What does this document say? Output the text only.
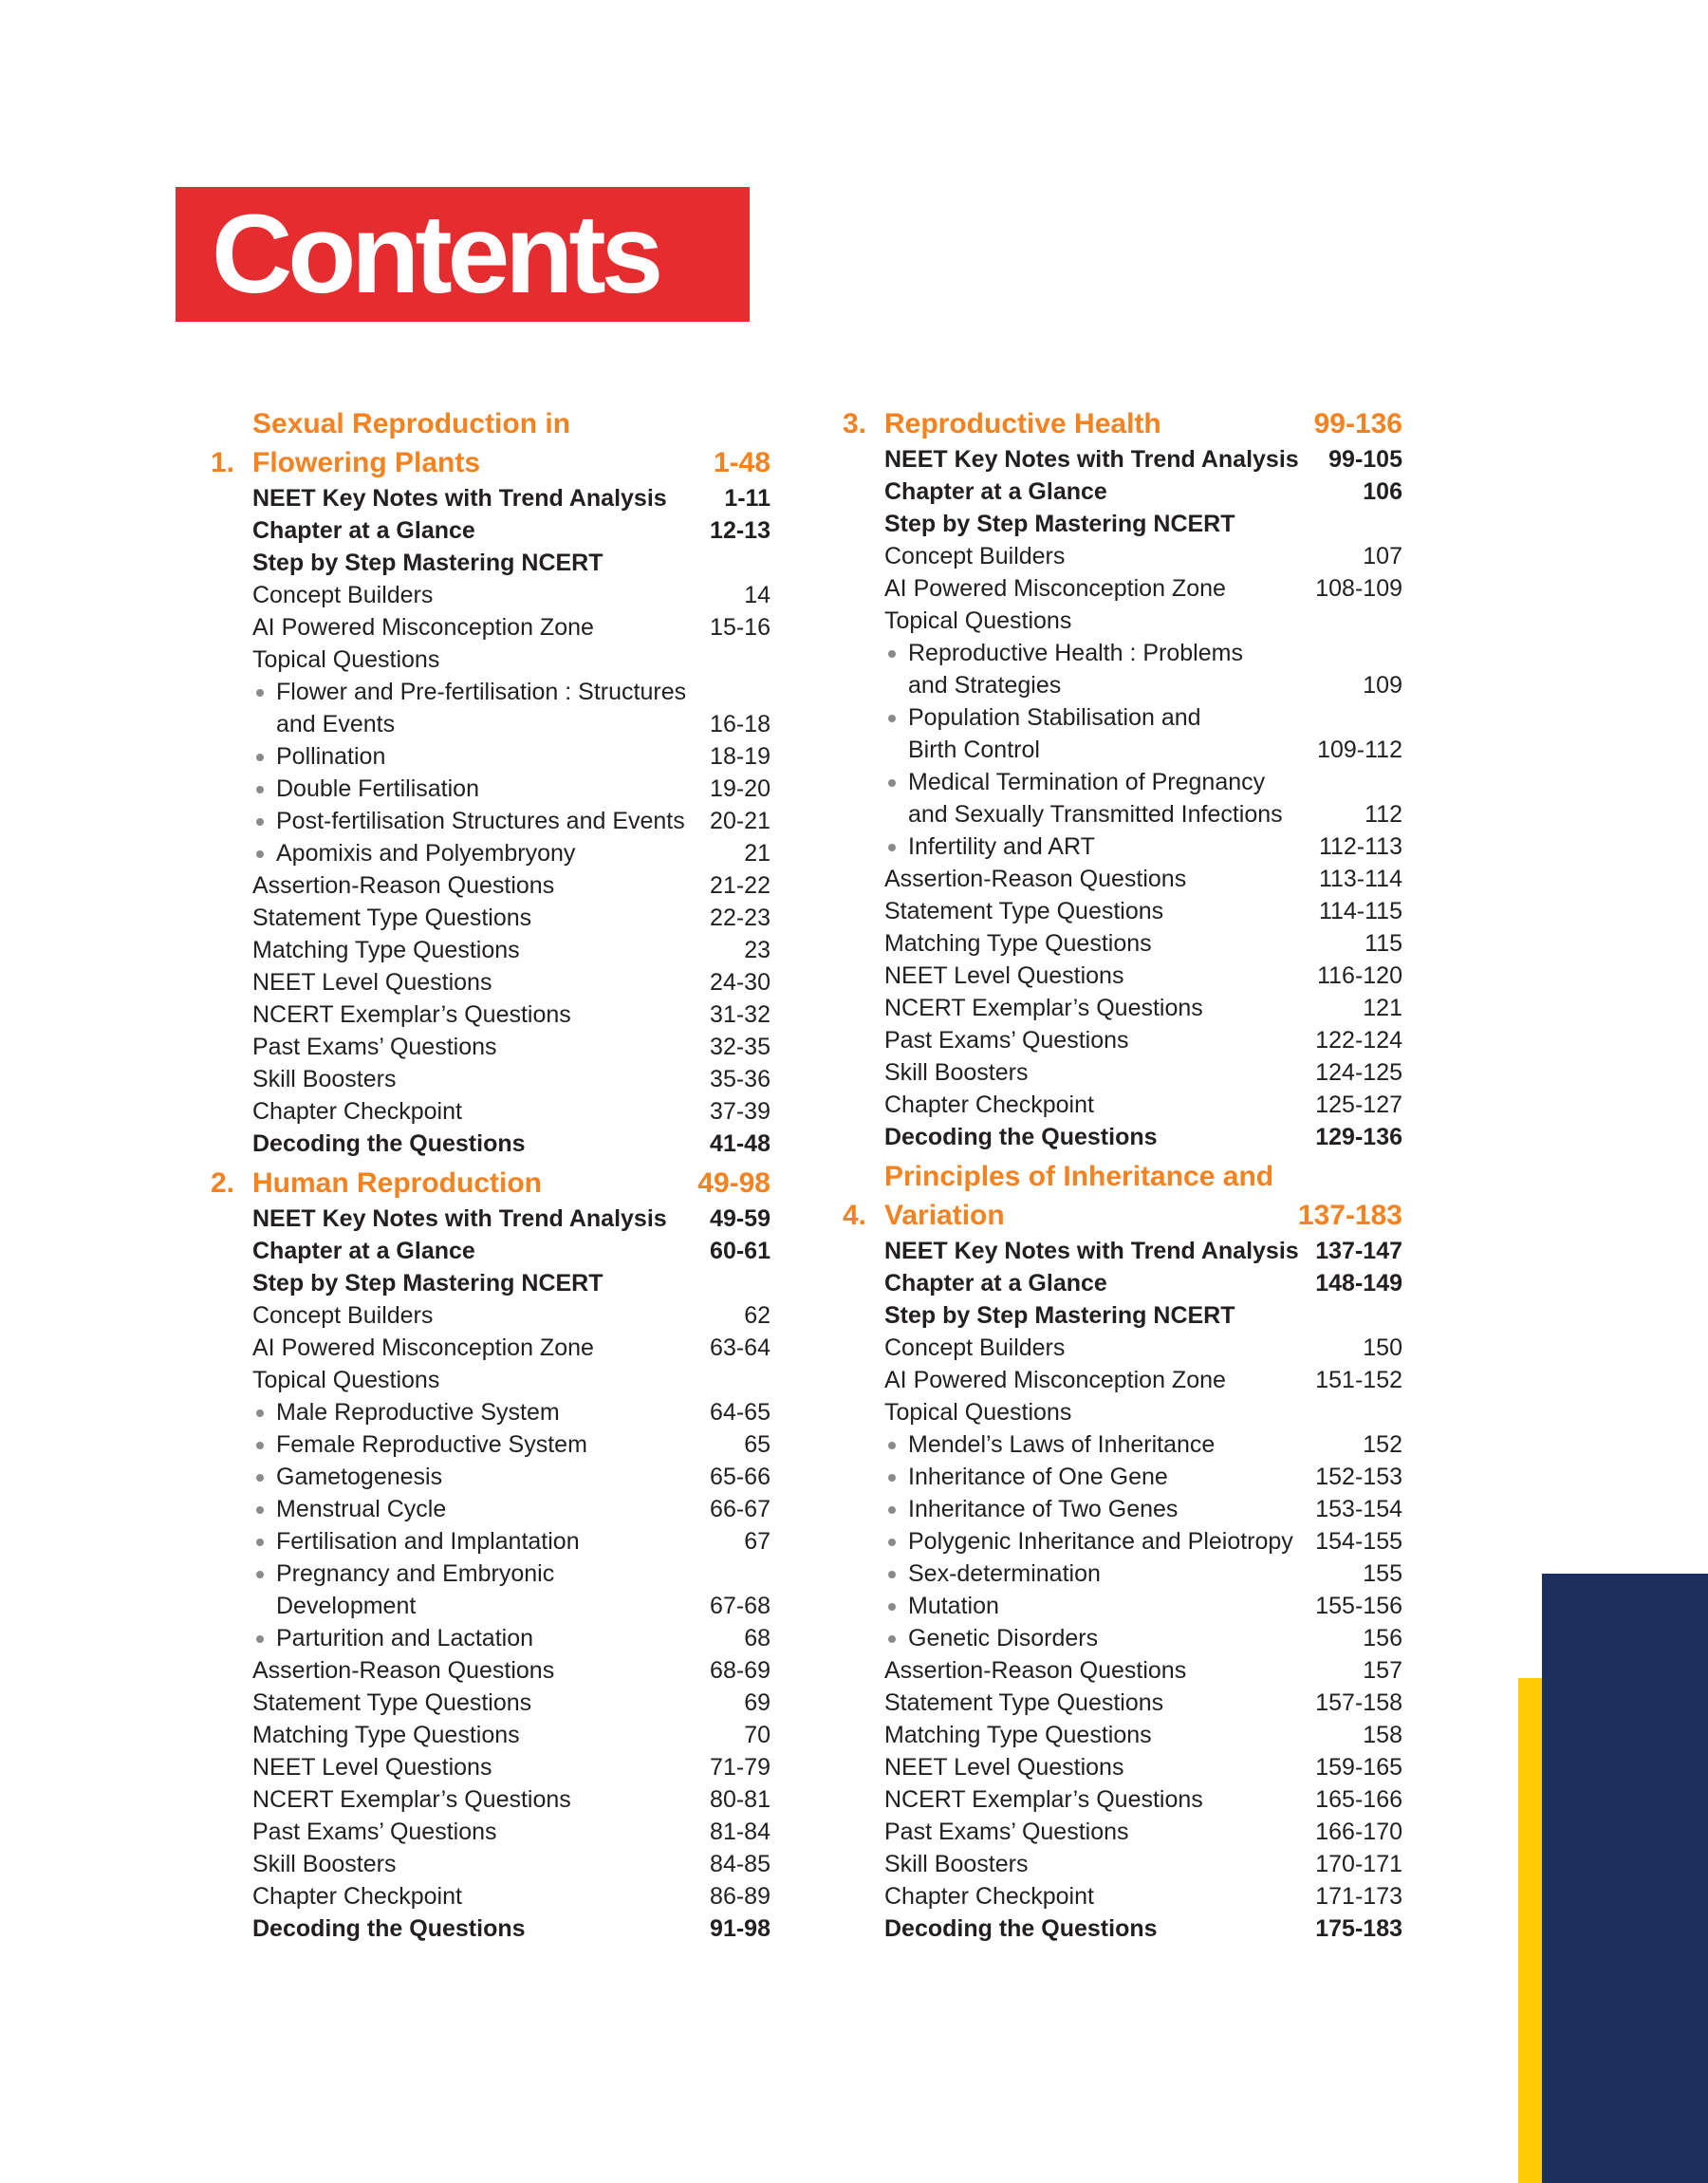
Contents
1.
Sexual Reproduction in
Flowering Plants	1-48
NEET Key Notes with Trend Analysis	1-11
Chapter at a Glance	12-13
Step by Step Mastering NCERT
Concept Builders	14
AI Powered Misconception Zone	15-16
Topical Questions
Flower and Pre-fertilisation : Structures
and Events	16-18
Pollination	18-19
Double Fertilisation	19-20
Post-fertilisation Structures and Events	20-21
Apomixis and Polyembryony	21
Assertion-Reason Questions	21-22
Statement Type Questions	22-23
Matching Type Questions	23
NEET Level Questions	24-30
NCERT Exemplar’s Questions	31-32
Past Exams’ Questions	32-35
Skill Boosters	35-36
Chapter Checkpoint	37-39
Decoding the Questions	41-48
2. Human Reproduction	49-98
NEET Key Notes with Trend Analysis	49-59
Chapter at a Glance	60-61
Step by Step Mastering NCERT
Concept Builders	62
AI Powered Misconception Zone	63-64
Topical Questions
Male Reproductive System	64-65
Female Reproductive System	65
Gametogenesis	65-66
Menstrual Cycle	66-67
Fertilisation and Implantation	67
Pregnancy and Embryonic
Development	67-68
Parturition and Lactation	68
Assertion-Reason Questions	68-69
Statement Type Questions	69
Matching Type Questions	70
NEET Level Questions	71-79
NCERT Exemplar’s Questions	80-81
Past Exams’ Questions	81-84
Skill Boosters	84-85
Chapter Checkpoint	86-89
Decoding the Questions	91-98
3. Reproductive Health	99-136
NEET Key Notes with Trend Analysis	99-105
Chapter at a Glance	106
Step by Step Mastering NCERT
Concept Builders	107
AI Powered Misconception Zone	108-109
Topical Questions
Reproductive Health : Problems
and Strategies	109
Population Stabilisation and
Birth Control	109-112
Medical Termination of Pregnancy
and Sexually Transmitted Infections	112
Infertility and ART	112-113
Assertion-Reason Questions	113-114
Statement Type Questions	114-115
Matching Type Questions	115
NEET Level Questions	116-120
NCERT Exemplar’s Questions	121
Past Exams’ Questions	122-124
Skill Boosters	124-125
Chapter Checkpoint	125-127
Decoding the Questions	129-136
4.
Principles of Inheritance and
Variation	137-183
NEET Key Notes with Trend Analysis 137-147
Chapter at a Glance	148-149
Step by Step Mastering NCERT
Concept Builders	150
AI Powered Misconception Zone	151-152
Topical Questions
Mendel’s Laws of Inheritance	152
Inheritance of One Gene	152-153
Inheritance of Two Genes	153-154
Polygenic Inheritance and Pleiotropy 154-155
Sex-determination	155
Mutation	155-156
Genetic Disorders	156
Assertion-Reason Questions	157
Statement Type Questions	157-158
Matching Type Questions	158
NEET Level Questions	159-165
NCERT Exemplar’s Questions	165-166
Past Exams’ Questions	166-170
Skill Boosters	170-171
Chapter Checkpoint	171-173
Decoding the Questions	175-183
